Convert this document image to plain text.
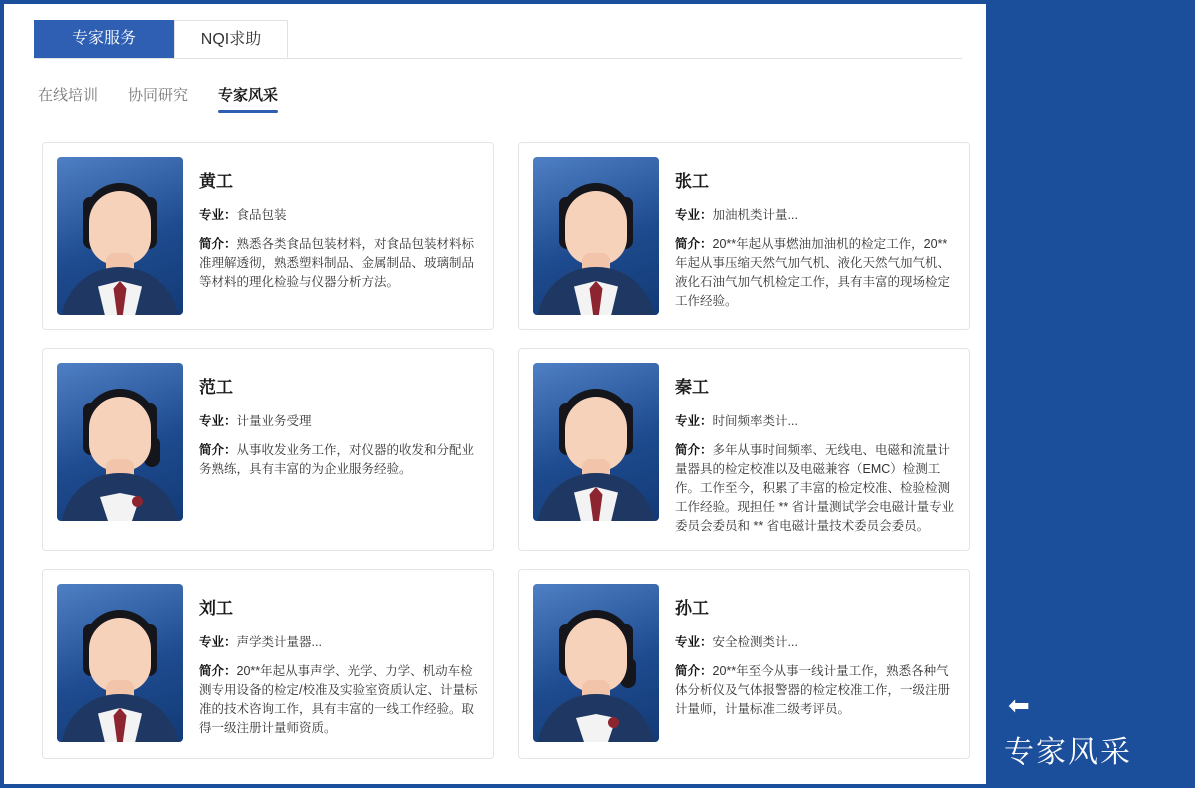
专家服务	NQI求助
在线培训 协同研究 专家风采
黄工
专业：食品包装
简介：熟悉各类食品包装材料，对食品包装材料标准理解透彻，熟悉塑料制品、金属制品、玻璃制品等材料的理化检验与仪器分析方法。
张工
专业：加油机类计量...
简介：20**年起从事燃油加油机的检定工作，20**年起从事压缩天然气加气机、液化天然气加气机、液化石油气加气机检定工作，具有丰富的现场检定工作经验。
范工
专业：计量业务受理
简介：从事收发业务工作，对仪器的收发和分配业务熟练，具有丰富的为企业服务经验。
秦工
专业：时间频率类计...
简介：多年从事时间频率、无线电、电磁和流量计量器具的检定校准以及电磁兼容（EMC）检测工作。工作至今，积累了丰富的检定校准、检验检测工作经验。现担任 ** 省计量测试学会电磁计量专业委员会委员和 ** 省电磁计量技术委员会委员。
刘工
专业：声学类计量器...
简介：20**年起从事声学、光学、力学、机动车检测专用设备的检定/校准及实验室资质认定、计量标准的技术咨询工作，具有丰富的一线工作经验。取得一级注册计量师资质。
孙工
专业：安全检测类计...
简介：20**年至今从事一线计量工作，熟悉各种气体分析仪及气体报警器的检定校准工作，一级注册计量师，计量标准二级考评员。	⬅
专家风采
